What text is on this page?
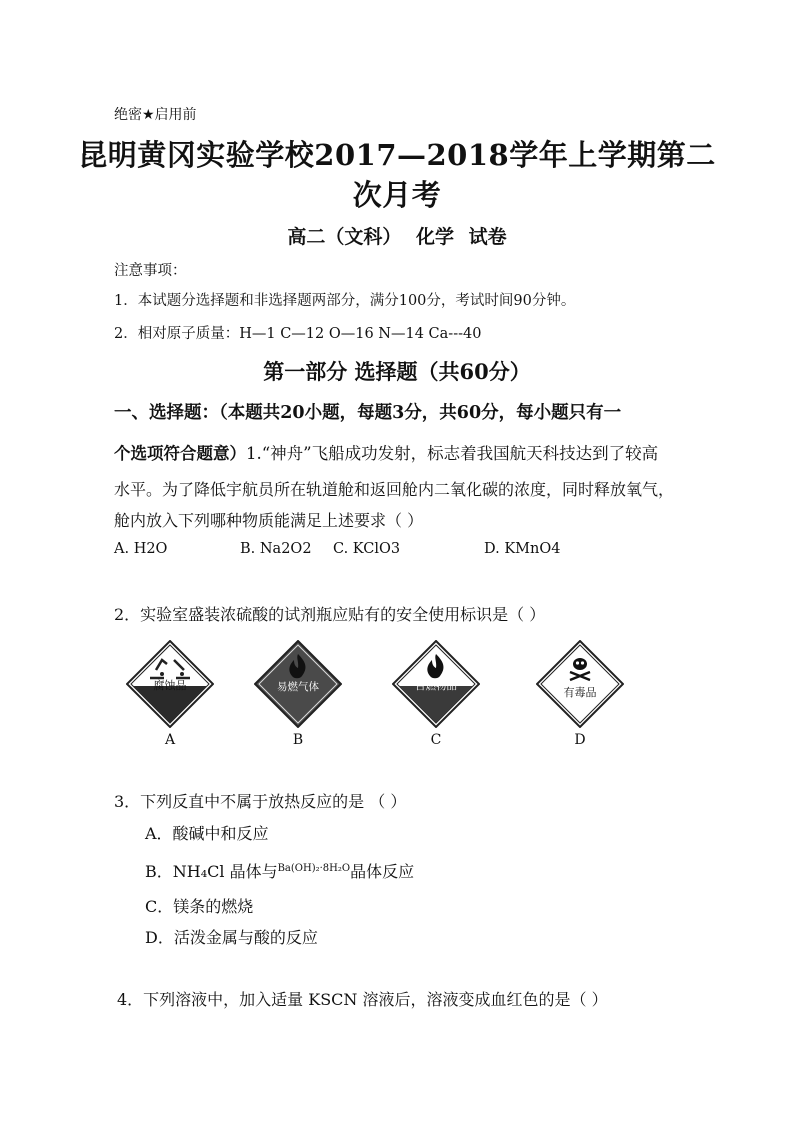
绝密★启用前
昆明黄冈实验学校2017—2018学年上学期第二
次月考
高二（文科） 化学 试卷
注意事项：
1．本试题分选择题和非选择题两部分，满分100分，考试时间90分钟。
2．相对原子质量：H—1 C—12 O—16 N—14 Ca---40
第一部分 选择题（共60分）
一、选择题：（本题共20小题，每题3分，共60分，每小题只有一
个选项符合题意）1.“神舟”飞船成功发射，标志着我国航天科技达到了较高
水平。为了降低宇航员所在轨道舱和返回舱内二氧化碳的浓度，同时释放氧气，
舱内放入下列哪种物质能满足上述要求（ ）
A. H2O	B. Na2O2 C. KClO3	D. KMnO4
2．实验室盛装浓硫酸的试剂瓶应贴有的安全使用标识是（ ）
腐蚀品
A
易燃气体
B
自燃物品
C
有毒品
D
3．下列反直中不属于放热反应的是 （ ）
A．酸碱中和反应
B．NH₄Cl 晶体与$^{Ba(OH)_2\cdot 8H_2O}$晶体反应
C．镁条的燃烧
D．活泼金属与酸的反应
4．下列溶液中，加入适量 KSCN 溶液后，溶液变成血红色的是（ ）
